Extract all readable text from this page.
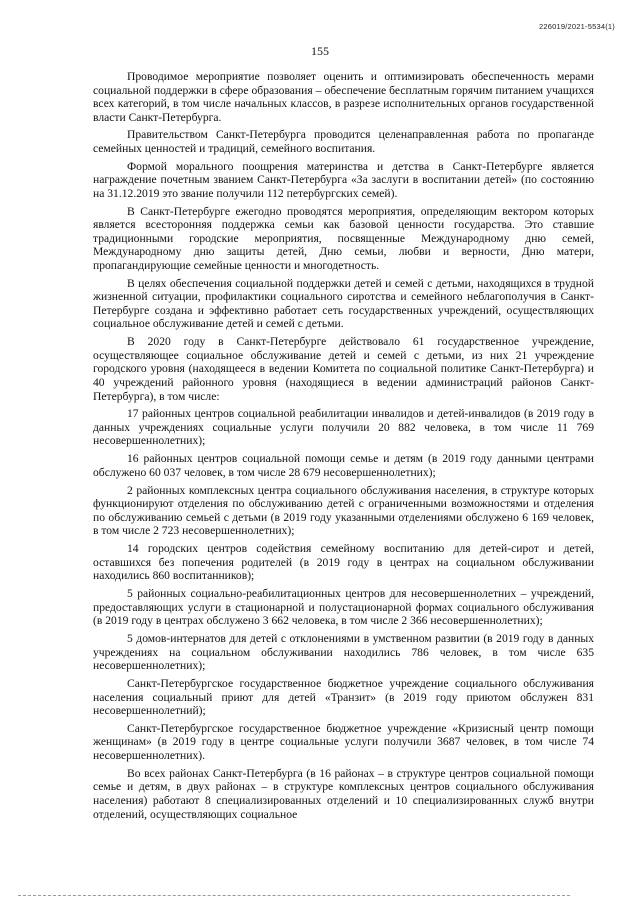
226019/2021-5534(1)
155

Проводимое мероприятие позволяет оценить и оптимизировать обеспеченность мерами социальной поддержки в сфере образования – обеспечение бесплатным горячим питанием учащихся всех категорий, в том числе начальных классов, в разрезе исполнительных органов государственной власти Санкт-Петербурга.

Правительством Санкт-Петербурга проводится целенаправленная работа по пропаганде семейных ценностей и традиций, семейного воспитания.

Формой морального поощрения материнства и детства в Санкт-Петербурге является награждение почетным званием Санкт-Петербурга «За заслуги в воспитании детей» (по состоянию на 31.12.2019 это звание получили 112 петербургских семей).

В Санкт-Петербурге ежегодно проводятся мероприятия, определяющим вектором которых является всесторонняя поддержка семьи как базовой ценности государства. Это ставшие традиционными городские мероприятия, посвященные Международному дню семей, Международному дню защиты детей, Дню семьи, любви и верности, Дню матери, пропагандирующие семейные ценности и многодетность.

В целях обеспечения социальной поддержки детей и семей с детьми, находящихся в трудной жизненной ситуации, профилактики социального сиротства и семейного неблагополучия в Санкт-Петербурге создана и эффективно работает сеть государственных учреждений, осуществляющих социальное обслуживание детей и семей с детьми.

В 2020 году в Санкт-Петербурге действовало 61 государственное учреждение, осуществляющее социальное обслуживание детей и семей с детьми, из них 21 учреждение городского уровня (находящееся в ведении Комитета по социальной политике Санкт-Петербурга) и 40 учреждений районного уровня (находящиеся в ведении администраций районов Санкт-Петербурга), в том числе:

17 районных центров социальной реабилитации инвалидов и детей-инвалидов (в 2019 году в данных учреждениях социальные услуги получили 20 882 человека, в том числе 11 769 несовершеннолетних);

16 районных центров социальной помощи семье и детям (в 2019 году данными центрами обслужено 60 037 человек, в том числе 28 679 несовершеннолетних);

2 районных комплексных центра социального обслуживания населения, в структуре которых функционируют отделения по обслуживанию детей с ограниченными возможностями и отделения по обслуживанию семьей с детьми (в 2019 году указанными отделениями обслужено 6 169 человек, в том числе 2 723 несовершеннолетних);

14 городских центров содействия семейному воспитанию для детей-сирот и детей, оставшихся без попечения родителей (в 2019 году в центрах на социальном обслуживании находились 860 воспитанников);

5 районных социально-реабилитационных центров для несовершеннолетних – учреждений, предоставляющих услуги в стационарной и полустационарной формах социального обслуживания (в 2019 году в центрах обслужено 3 662 человека, в том числе 2 366 несовершеннолетних);

5 домов-интернатов для детей с отклонениями в умственном развитии (в 2019 году в данных учреждениях на социальном обслуживании находились 786 человек, в том числе 635 несовершеннолетних);

Санкт-Петербургское государственное бюджетное учреждение социального обслуживания населения социальный приют для детей «Транзит» (в 2019 году приютом обслужен 831 несовершеннолетний);

Санкт-Петербургское государственное бюджетное учреждение «Кризисный центр помощи женщинам» (в 2019 году в центре социальные услуги получили 3687 человек, в том числе 74 несовершеннолетних).

Во всех районах Санкт-Петербурга (в 16 районах – в структуре центров социальной помощи семье и детям, в двух районах – в структуре комплексных центров социального обслуживания населения) работают 8 специализированных отделений и 10 специализированных служб внутри отделений, осуществляющих социальное
